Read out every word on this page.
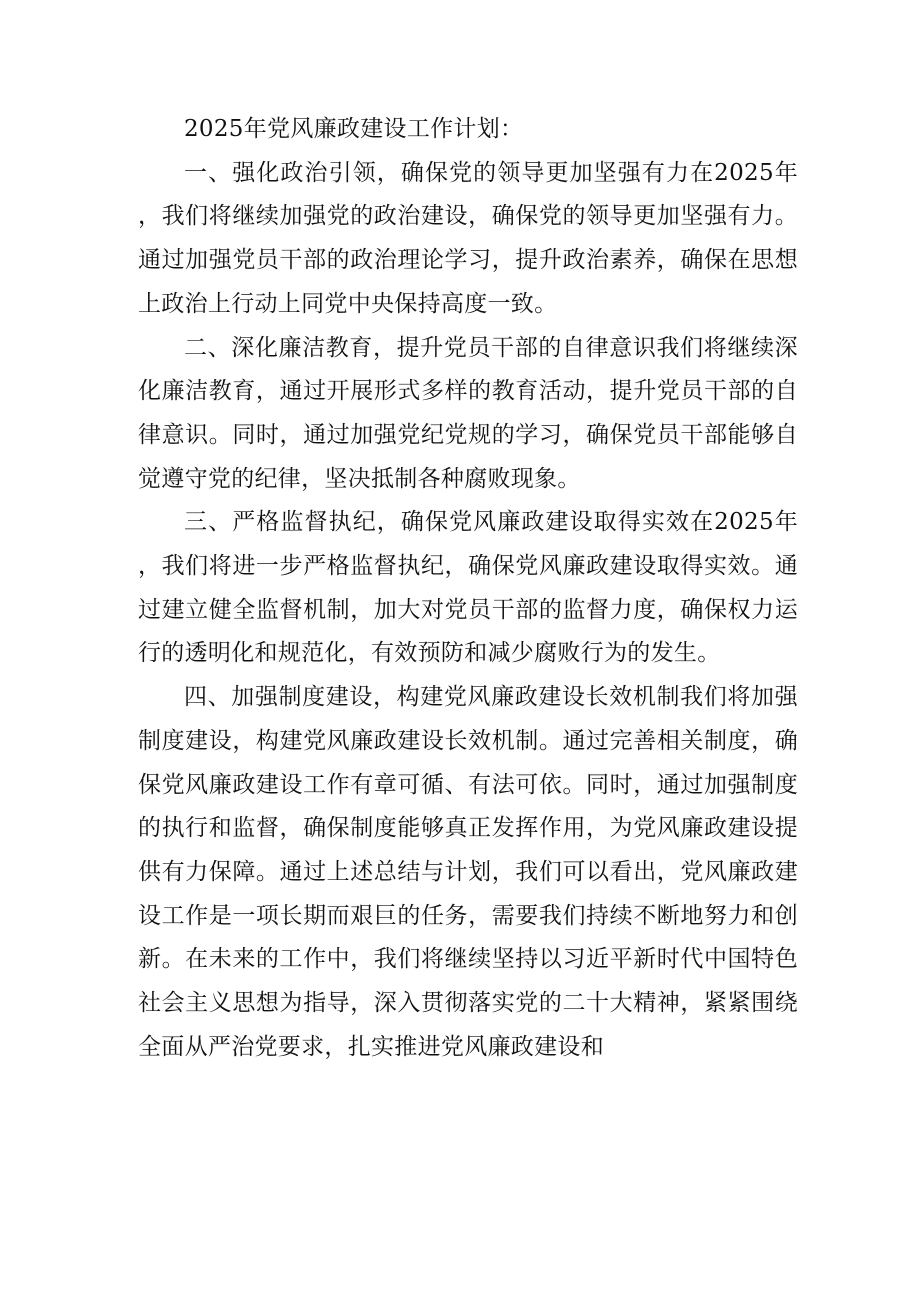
2025年党风廉政建设工作计划：

一、强化政治引领，确保党的领导更加坚强有力在2025年，我们将继续加强党的政治建设，确保党的领导更加坚强有力。通过加强党员干部的政治理论学习，提升政治素养，确保在思想上政治上行动上同党中央保持高度一致。

二、深化廉洁教育，提升党员干部的自律意识我们将继续深化廉洁教育，通过开展形式多样的教育活动，提升党员干部的自律意识。同时，通过加强党纪党规的学习，确保党员干部能够自觉遵守党的纪律，坚决抵制各种腐败现象。

三、严格监督执纪，确保党风廉政建设取得实效在2025年，我们将进一步严格监督执纪，确保党风廉政建设取得实效。通过建立健全监督机制，加大对党员干部的监督力度，确保权力运行的透明化和规范化，有效预防和减少腐败行为的发生。

四、加强制度建设，构建党风廉政建设长效机制我们将加强制度建设，构建党风廉政建设长效机制。通过完善相关制度，确保党风廉政建设工作有章可循、有法可依。同时，通过加强制度的执行和监督，确保制度能够真正发挥作用，为党风廉政建设提供有力保障。通过上述总结与计划，我们可以看出，党风廉政建设工作是一项长期而艰巨的任务，需要我们持续不断地努力和创新。在未来的工作中，我们将继续坚持以习近平新时代中国特色社会主义思想为指导，深入贯彻落实党的二十大精神，紧紧围绕全面从严治党要求，扎实推进党风廉政建设和
